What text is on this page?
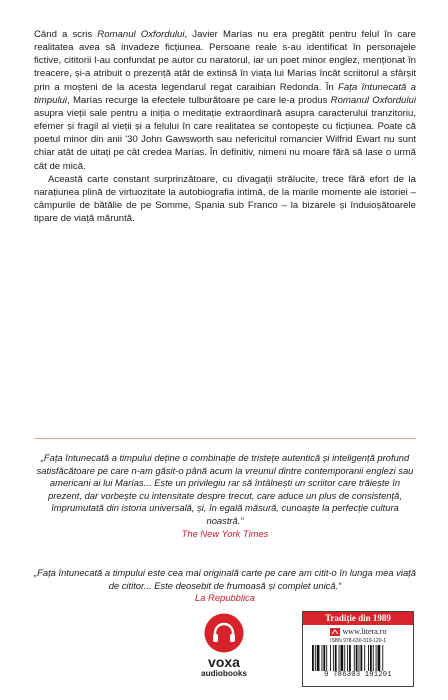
Când a scris Romanul Oxfordului, Javier Marías nu era pregătit pentru felul în care realitatea avea să invadeze ficțiunea. Persoane reale s-au identificat în personajele fictive, cititorii l-au confundat pe autor cu naratorul, iar un poet minor englez, menționat în treacere, și-a atribuit o prezență atât de extinsă în viața lui Marías încât scriitorul a sfârșit prin a moșteni de la acesta legendarul regat caraibian Redonda. În Fața întunecată a timpului, Marías recurge la efectele tulburătoare pe care le-a produs Romanul Oxfordului asupra vieții sale pentru a iniția o meditație extraordinară asupra caracterului tranzitoriu, efemer și fragil al vieții și a felului în care realitatea se contopește cu ficțiunea. Poate că poetul minor din anii '30 John Gawsworth sau nefericitul romancier Wilfrid Ewart nu sunt chiar atât de uitați pe cât credea Marías. În definitiv, nimeni nu moare fără să lase o urmă cât de mică.

Această carte constant surprinzătoare, cu divagații strălucite, trece fără efort de la narațiunea plină de virtuozitate la autobiografia intimă, de la marile momente ale istoriei – câmpurile de bătălie de pe Somme, Spania sub Franco – la bizarele și înduioșătoarele tipare de viață măruntă.

„Fața întunecată a timpului deține o combinație de tristețe autentică și inteligență profund satisfăcătoare pe care n-am găsit-o până acum la vreunul dintre contemporanii englezi sau americani ai lui Marías... Este un privilegiu rar să întâlnești un scriitor care trăiește în prezent, dar vorbește cu intensitate despre trecut, care aduce un plus de consistență, împrumutată din istoria universală, și, în egală măsură, cunoaște la perfecție cultura noastră.“
The New York Times
„Fața întunecată a timpului este cea mai originală carte pe care am citit-o în lunga mea viață de cititor... Este deosebit de frumoasă și complet unică.“
La Repubblica
voxa
audiobooks
Tradiție din 1989
www.litera.ro
ISBN 978-630-319-120-1
9 786303 191201
